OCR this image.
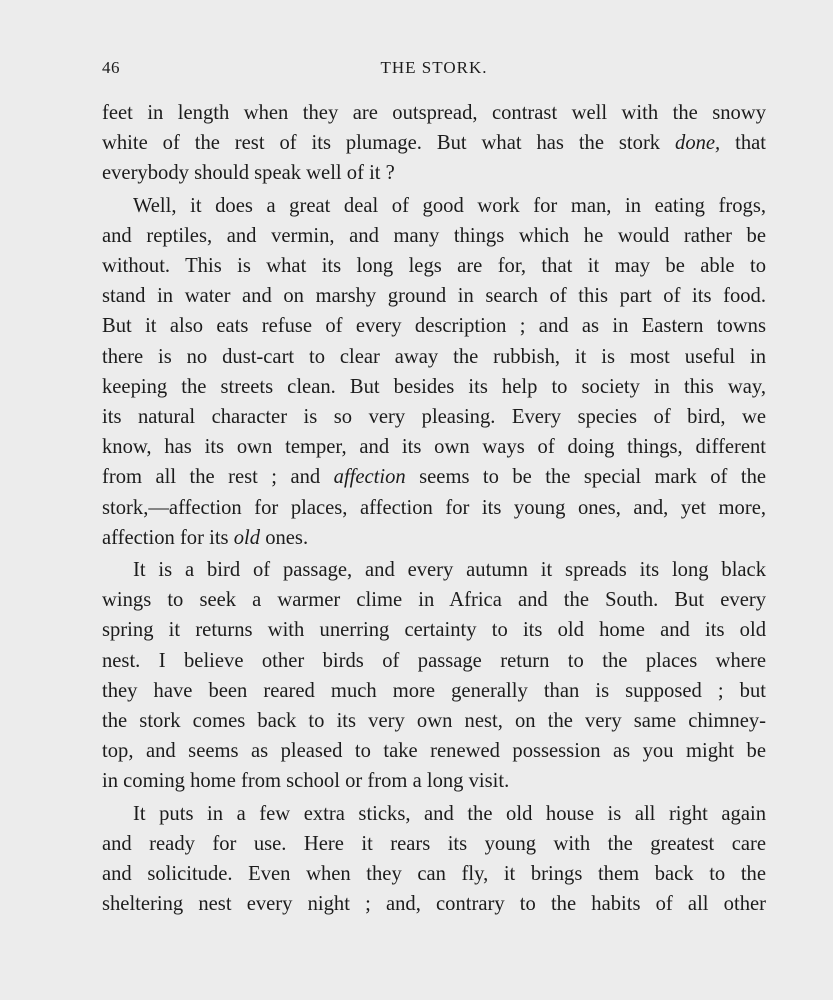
46	THE STORK.

feet in length when they are outspread, contrast well with the snowy
white of the rest of its plumage. But what has the stork done, that
everybody should speak well of it ?

Well, it does a great deal of good work for man, in eating frogs,
and reptiles, and vermin, and many things which he would rather be
without. This is what its long legs are for, that it may be able to
stand in water and on marshy ground in search of this part of its food.
But it also eats refuse of every description ; and as in Eastern towns
there is no dust-cart to clear away the rubbish, it is most useful in
keeping the streets clean. But besides its help to society in this way,
its natural character is so very pleasing. Every species of bird, we
know, has its own temper, and its own ways of doing things, different
from all the rest ; and affection seems to be the special mark of the
stork,—affection for places, affection for its young ones, and, yet more,
affection for its old ones.

It is a bird of passage, and every autumn it spreads its long black
wings to seek a warmer clime in Africa and the South. But every
spring it returns with unerring certainty to its old home and its old
nest. I believe other birds of passage return to the places where
they have been reared much more generally than is supposed ; but
the stork comes back to its very own nest, on the very same chimney-
top, and seems as pleased to take renewed possession as you might be
in coming home from school or from a long visit.

It puts in a few extra sticks, and the old house is all right again
and ready for use. Here it rears its young with the greatest care
and solicitude. Even when they can fly, it brings them back to the
sheltering nest every night ; and, contrary to the habits of all other
